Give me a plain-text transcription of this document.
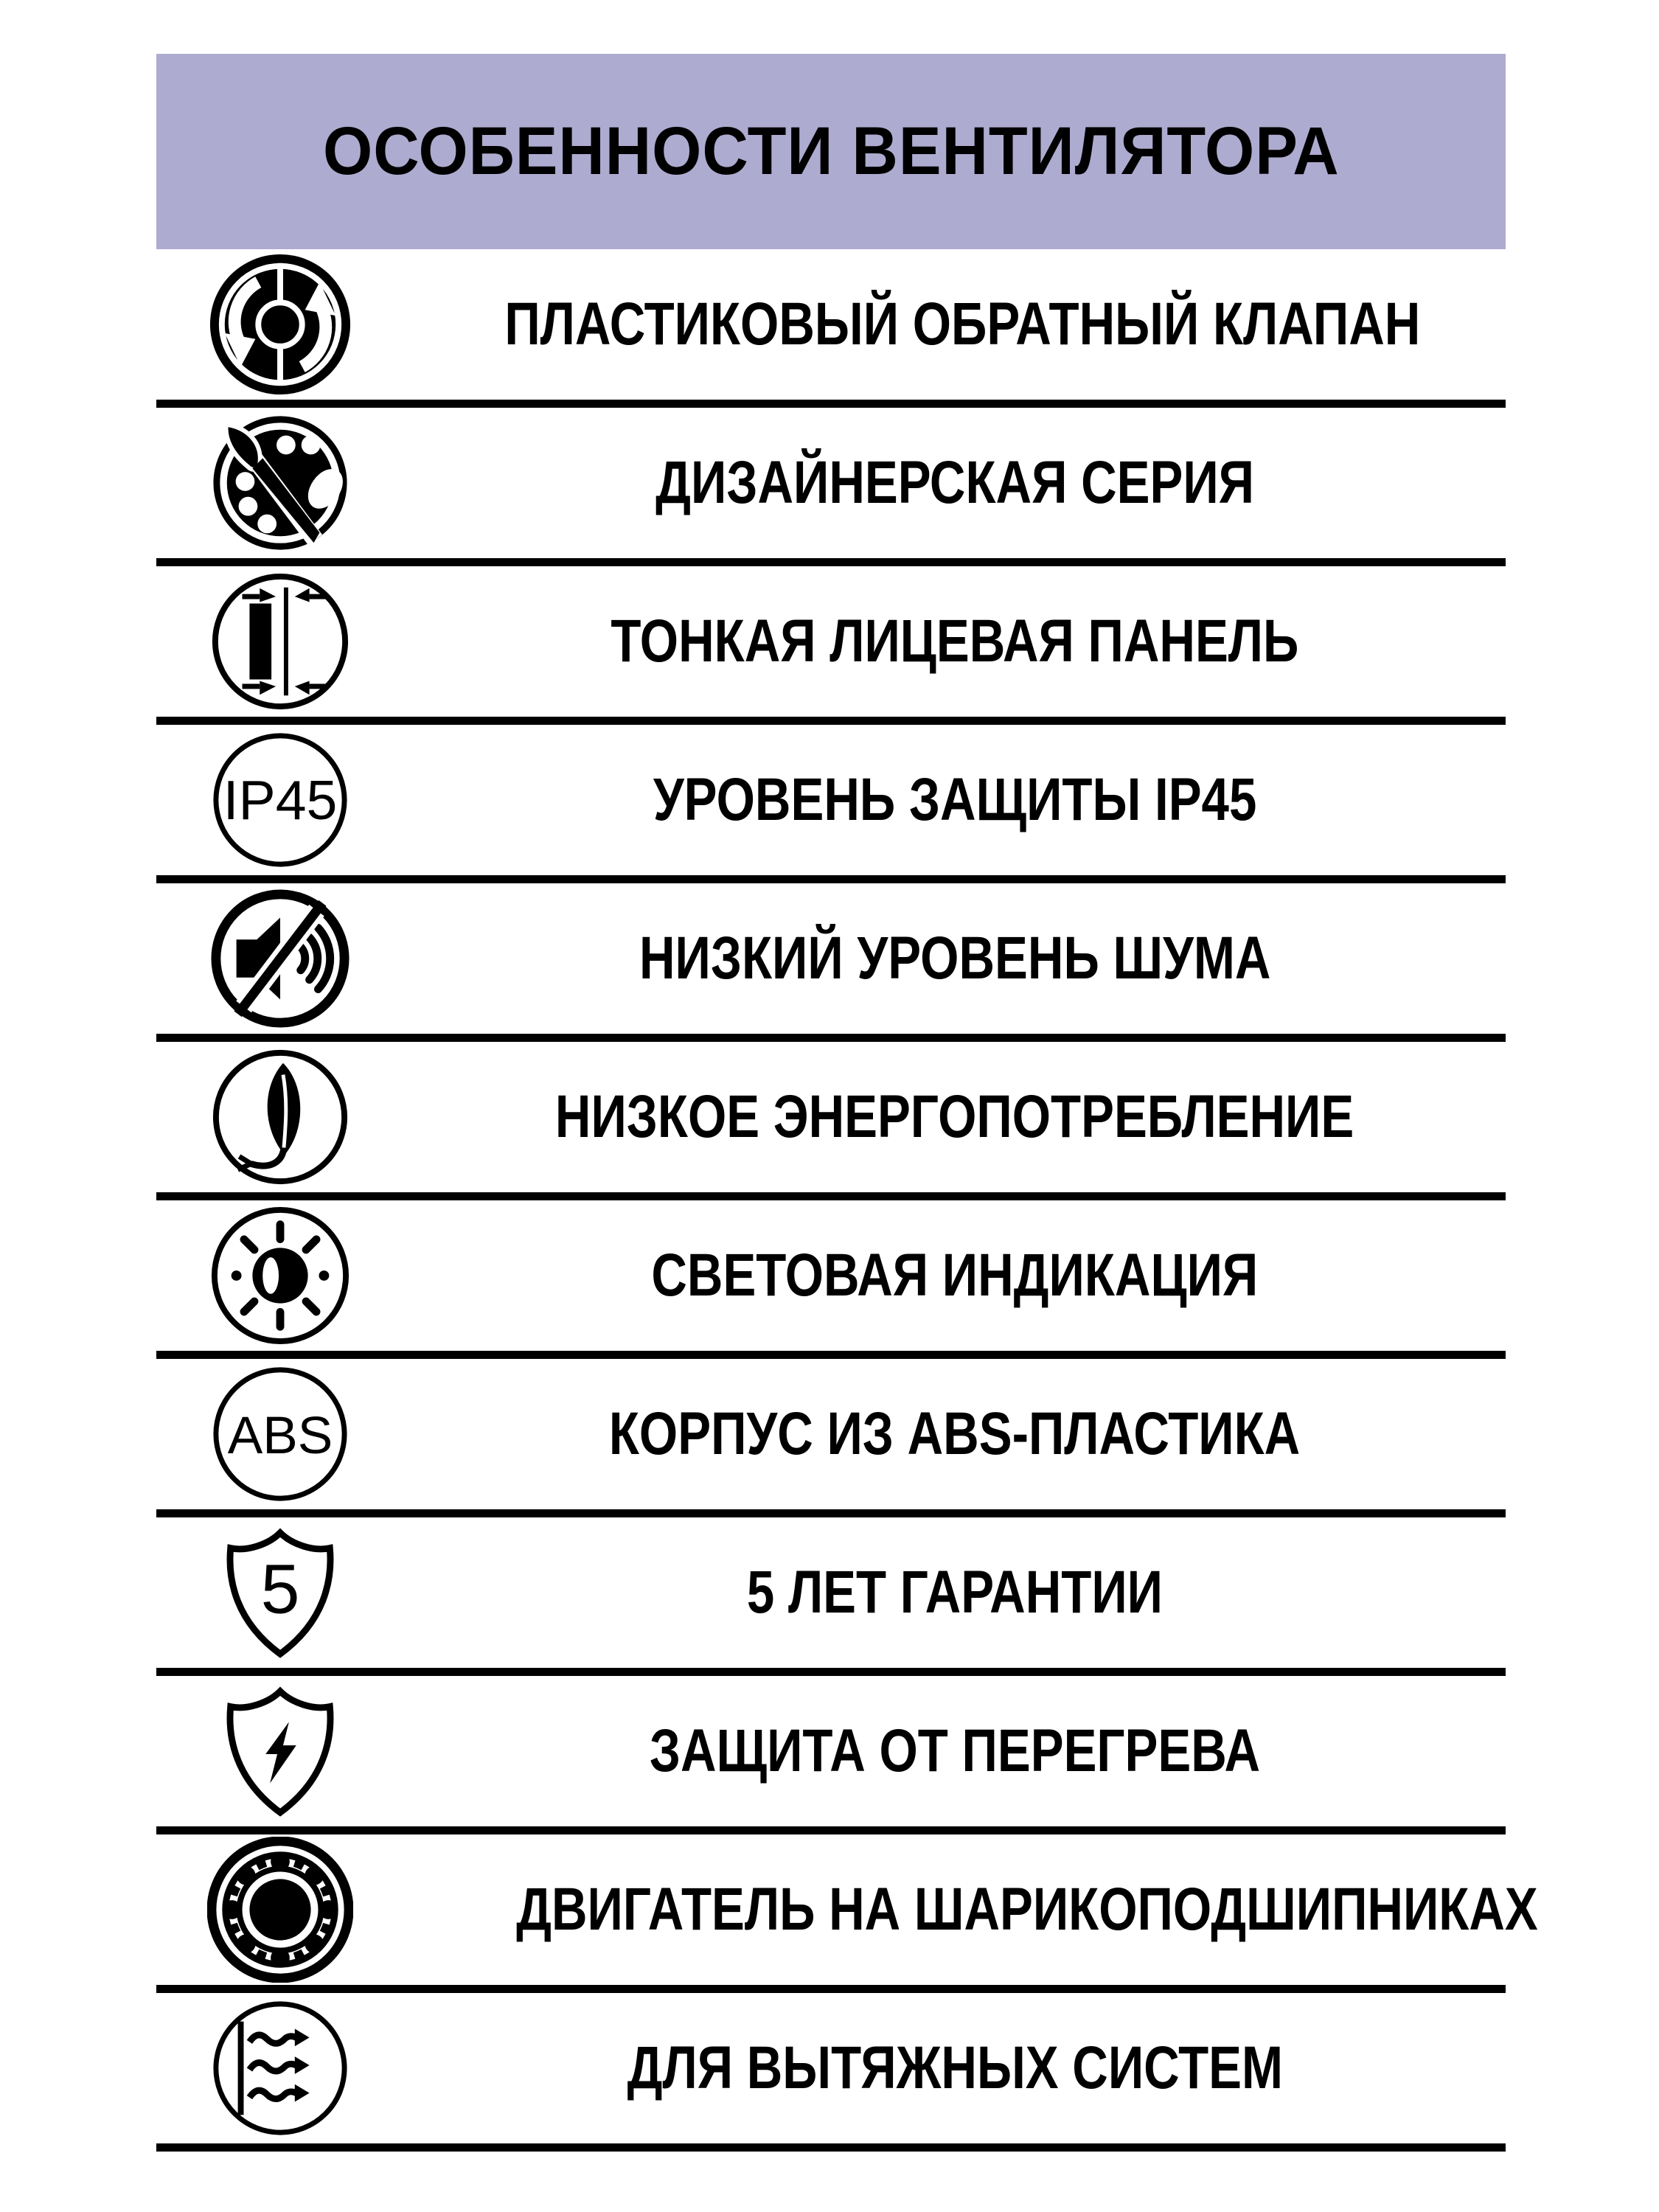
ОСОБЕННОСТИ ВЕНТИЛЯТОРА
ПЛАСТИКОВЫЙ ОБРАТНЫЙ КЛАПАН
ДИЗАЙНЕРСКАЯ СЕРИЯ
ТОНКАЯ ЛИЦЕВАЯ ПАНЕЛЬ
IP45	УРОВЕНЬ ЗАЩИТЫ IP45
НИЗКИЙ УРОВЕНЬ ШУМА
НИЗКОЕ ЭНЕРГОПОТРЕБЛЕНИЕ
СВЕТОВАЯ ИНДИКАЦИЯ
ABS	КОРПУС ИЗ ABS-ПЛАСТИКА
5	5 ЛЕТ ГАРАНТИИ
ЗАЩИТА ОТ ПЕРЕГРЕВА
ДВИГАТЕЛЬ НА ШАРИКОПОДШИПНИКАХ
ДЛЯ ВЫТЯЖНЫХ СИСТЕМ
